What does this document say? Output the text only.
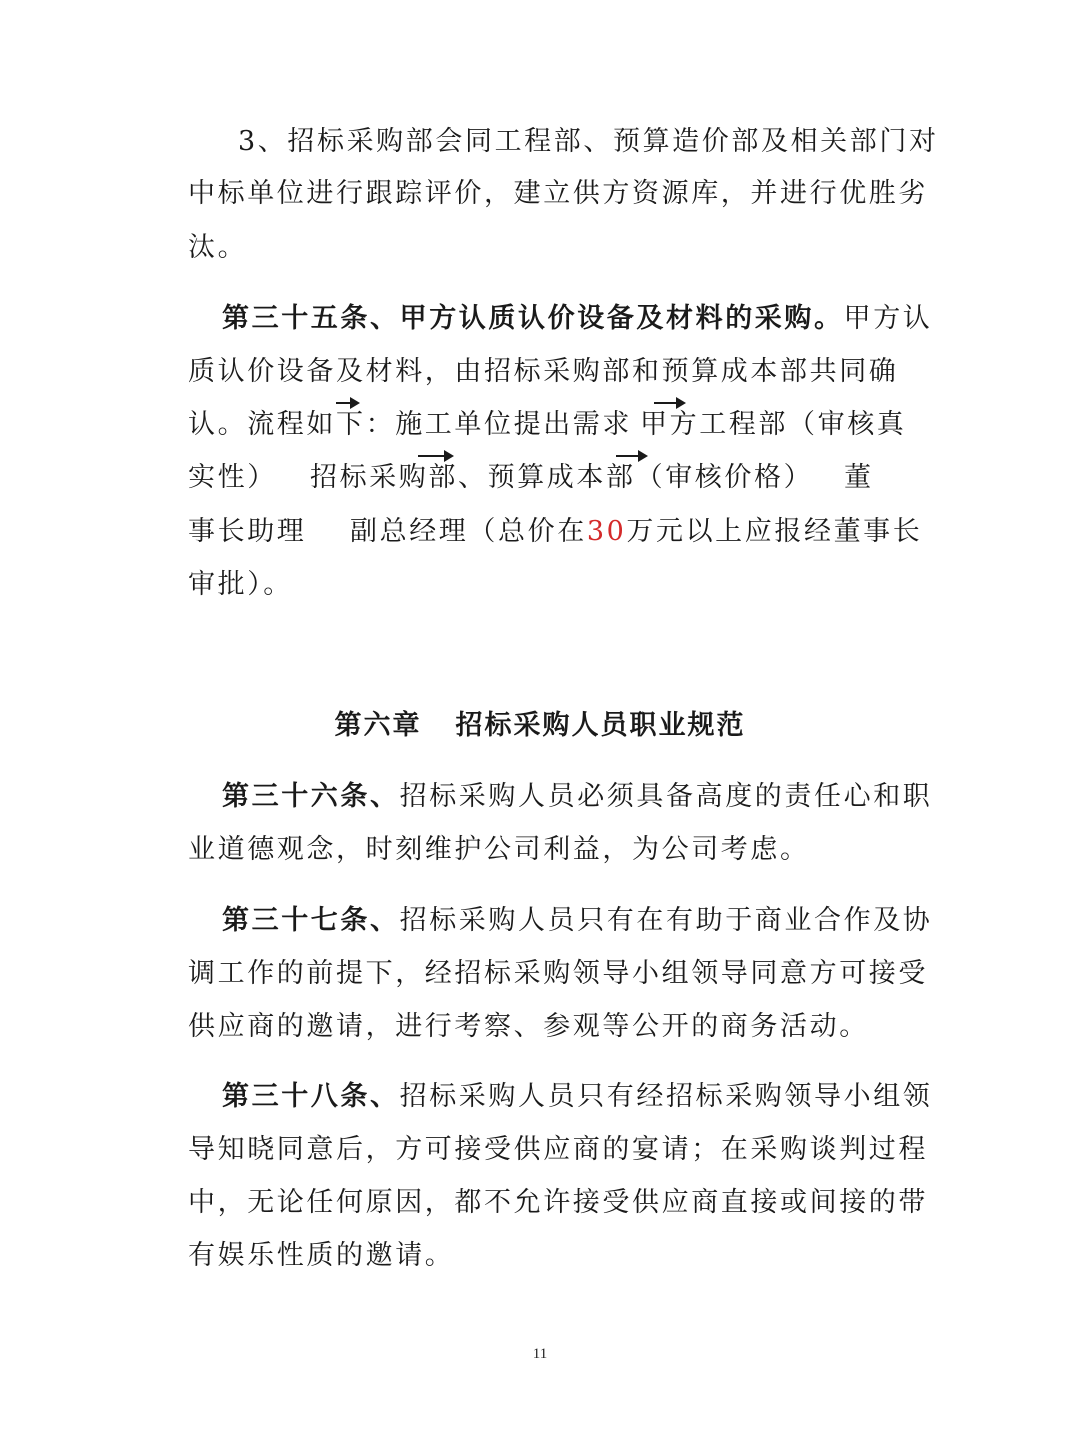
3、招标采购部会同工程部、预算造价部及相关部门对
中标单位进行跟踪评价，建立供方资源库，并进行优胜劣
汰。
第三十五条、甲方认质认价设备及材料的采购。甲方认
质认价设备及材料，由招标采购部和预算成本部共同确
认。流程如下：施工单位提出需求 甲方工程部（审核真
实性） 招标采购部、预算成本部（审核价格） 董
事长助理 副总经理（总价在30万元以上应报经董事长
审批）。
第六章 招标采购人员职业规范
第三十六条、招标采购人员必须具备高度的责任心和职
业道德观念，时刻维护公司利益，为公司考虑。
第三十七条、招标采购人员只有在有助于商业合作及协
调工作的前提下，经招标采购领导小组领导同意方可接受
供应商的邀请，进行考察、参观等公开的商务活动。
第三十八条、招标采购人员只有经招标采购领导小组领
导知晓同意后，方可接受供应商的宴请；在采购谈判过程
中，无论任何原因，都不允许接受供应商直接或间接的带
有娱乐性质的邀请。
11
